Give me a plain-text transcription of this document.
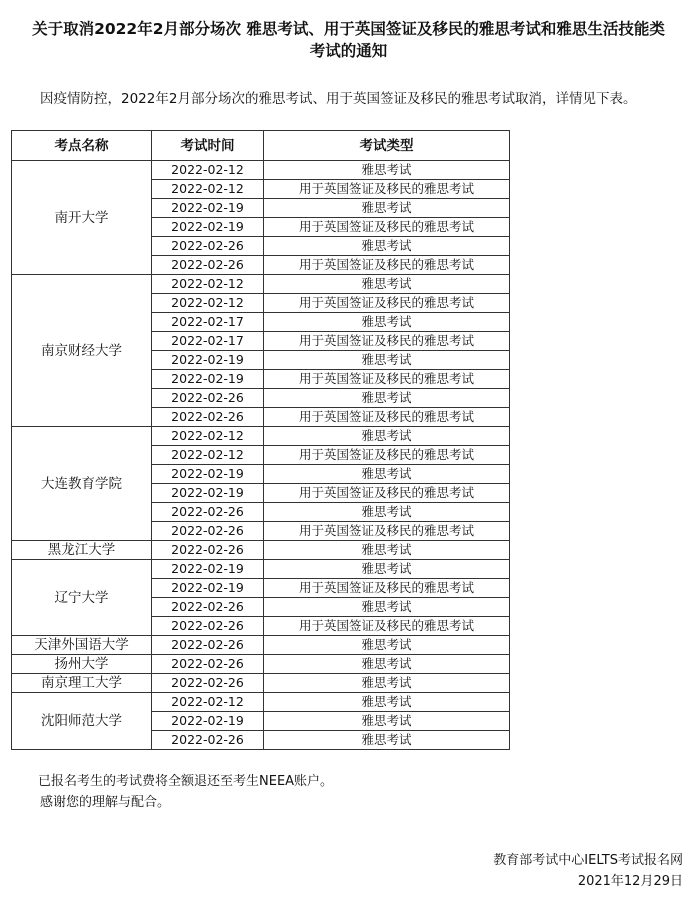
关于取消2022年2月部分场次 雅思考试、用于英国签证及移民的雅思考试和雅思生活技能类
考试的通知
因疫情防控，2022年2月部分场次的雅思考试、用于英国签证及移民的雅思考试取消，详情见下表。
考点名称	考试时间	考试类型
南开大学	2022-02-12	雅思考试
	2022-02-12	用于英国签证及移民的雅思考试
	2022-02-19	雅思考试
	2022-02-19	用于英国签证及移民的雅思考试
	2022-02-26	雅思考试
	2022-02-26	用于英国签证及移民的雅思考试
南京财经大学	2022-02-12	雅思考试
	2022-02-12	用于英国签证及移民的雅思考试
	2022-02-17	雅思考试
	2022-02-17	用于英国签证及移民的雅思考试
	2022-02-19	雅思考试
	2022-02-19	用于英国签证及移民的雅思考试
	2022-02-26	雅思考试
	2022-02-26	用于英国签证及移民的雅思考试
大连教育学院	2022-02-12	雅思考试
	2022-02-12	用于英国签证及移民的雅思考试
	2022-02-19	雅思考试
	2022-02-19	用于英国签证及移民的雅思考试
	2022-02-26	雅思考试
	2022-02-26	用于英国签证及移民的雅思考试
黑龙江大学	2022-02-26	雅思考试
辽宁大学	2022-02-19	雅思考试
	2022-02-19	用于英国签证及移民的雅思考试
	2022-02-26	雅思考试
	2022-02-26	用于英国签证及移民的雅思考试
天津外国语大学	2022-02-26	雅思考试
扬州大学	2022-02-26	雅思考试
南京理工大学	2022-02-26	雅思考试
沈阳师范大学	2022-02-12	雅思考试
	2022-02-19	雅思考试
	2022-02-26	雅思考试
已报名考生的考试费将全额退还至考生NEEA账户。
感谢您的理解与配合。
教育部考试中心IELTS考试报名网
2021年12月29日
